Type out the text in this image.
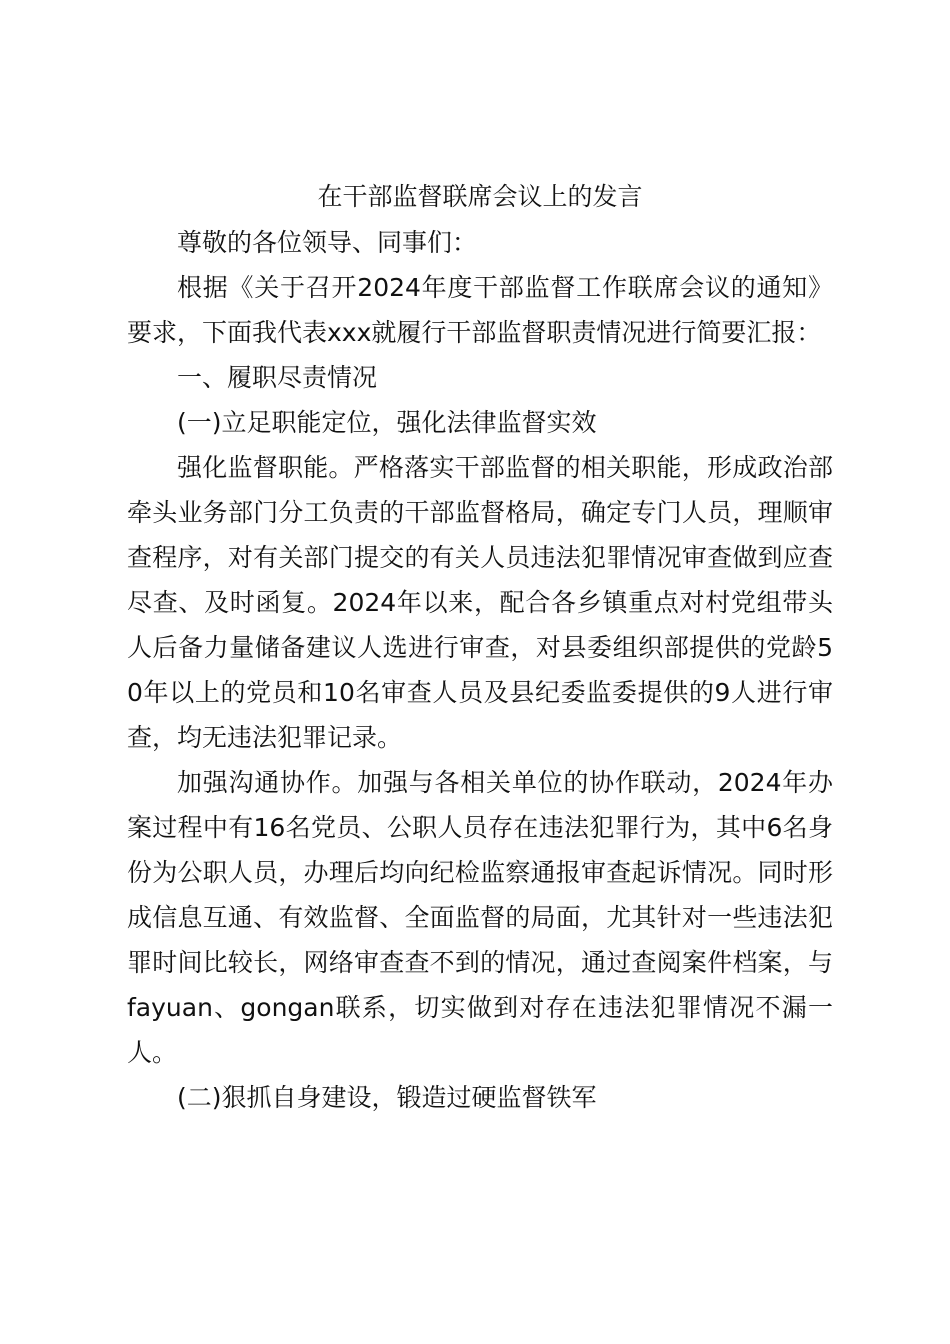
在干部监督联席会议上的发言

尊敬的各位领导、同事们：

根据《关于召开2024年度干部监督工作联席会议的通知》要求，下面我代表xxx就履行干部监督职责情况进行简要汇报：

一、履职尽责情况

(一)立足职能定位，强化法律监督实效

强化监督职能。严格落实干部监督的相关职能，形成政治部牵头业务部门分工负责的干部监督格局，确定专门人员，理顺审查程序，对有关部门提交的有关人员违法犯罪情况审查做到应查尽查、及时函复。2024年以来，配合各乡镇重点对村党组带头人后备力量储备建议人选进行审查，对县委组织部提供的党龄50年以上的党员和10名审查人员及县纪委监委提供的9人进行审查，均无违法犯罪记录。

加强沟通协作。加强与各相关单位的协作联动，2024年办案过程中有16名党员、公职人员存在违法犯罪行为，其中6名身份为公职人员，办理后均向纪检监察通报审查起诉情况。同时形成信息互通、有效监督、全面监督的局面，尤其针对一些违法犯罪时间比较长，网络审查查不到的情况，通过查阅案件档案，与fayuan、gongan联系，切实做到对存在违法犯罪情况不漏一人。

(二)狠抓自身建设，锻造过硬监督铁军
